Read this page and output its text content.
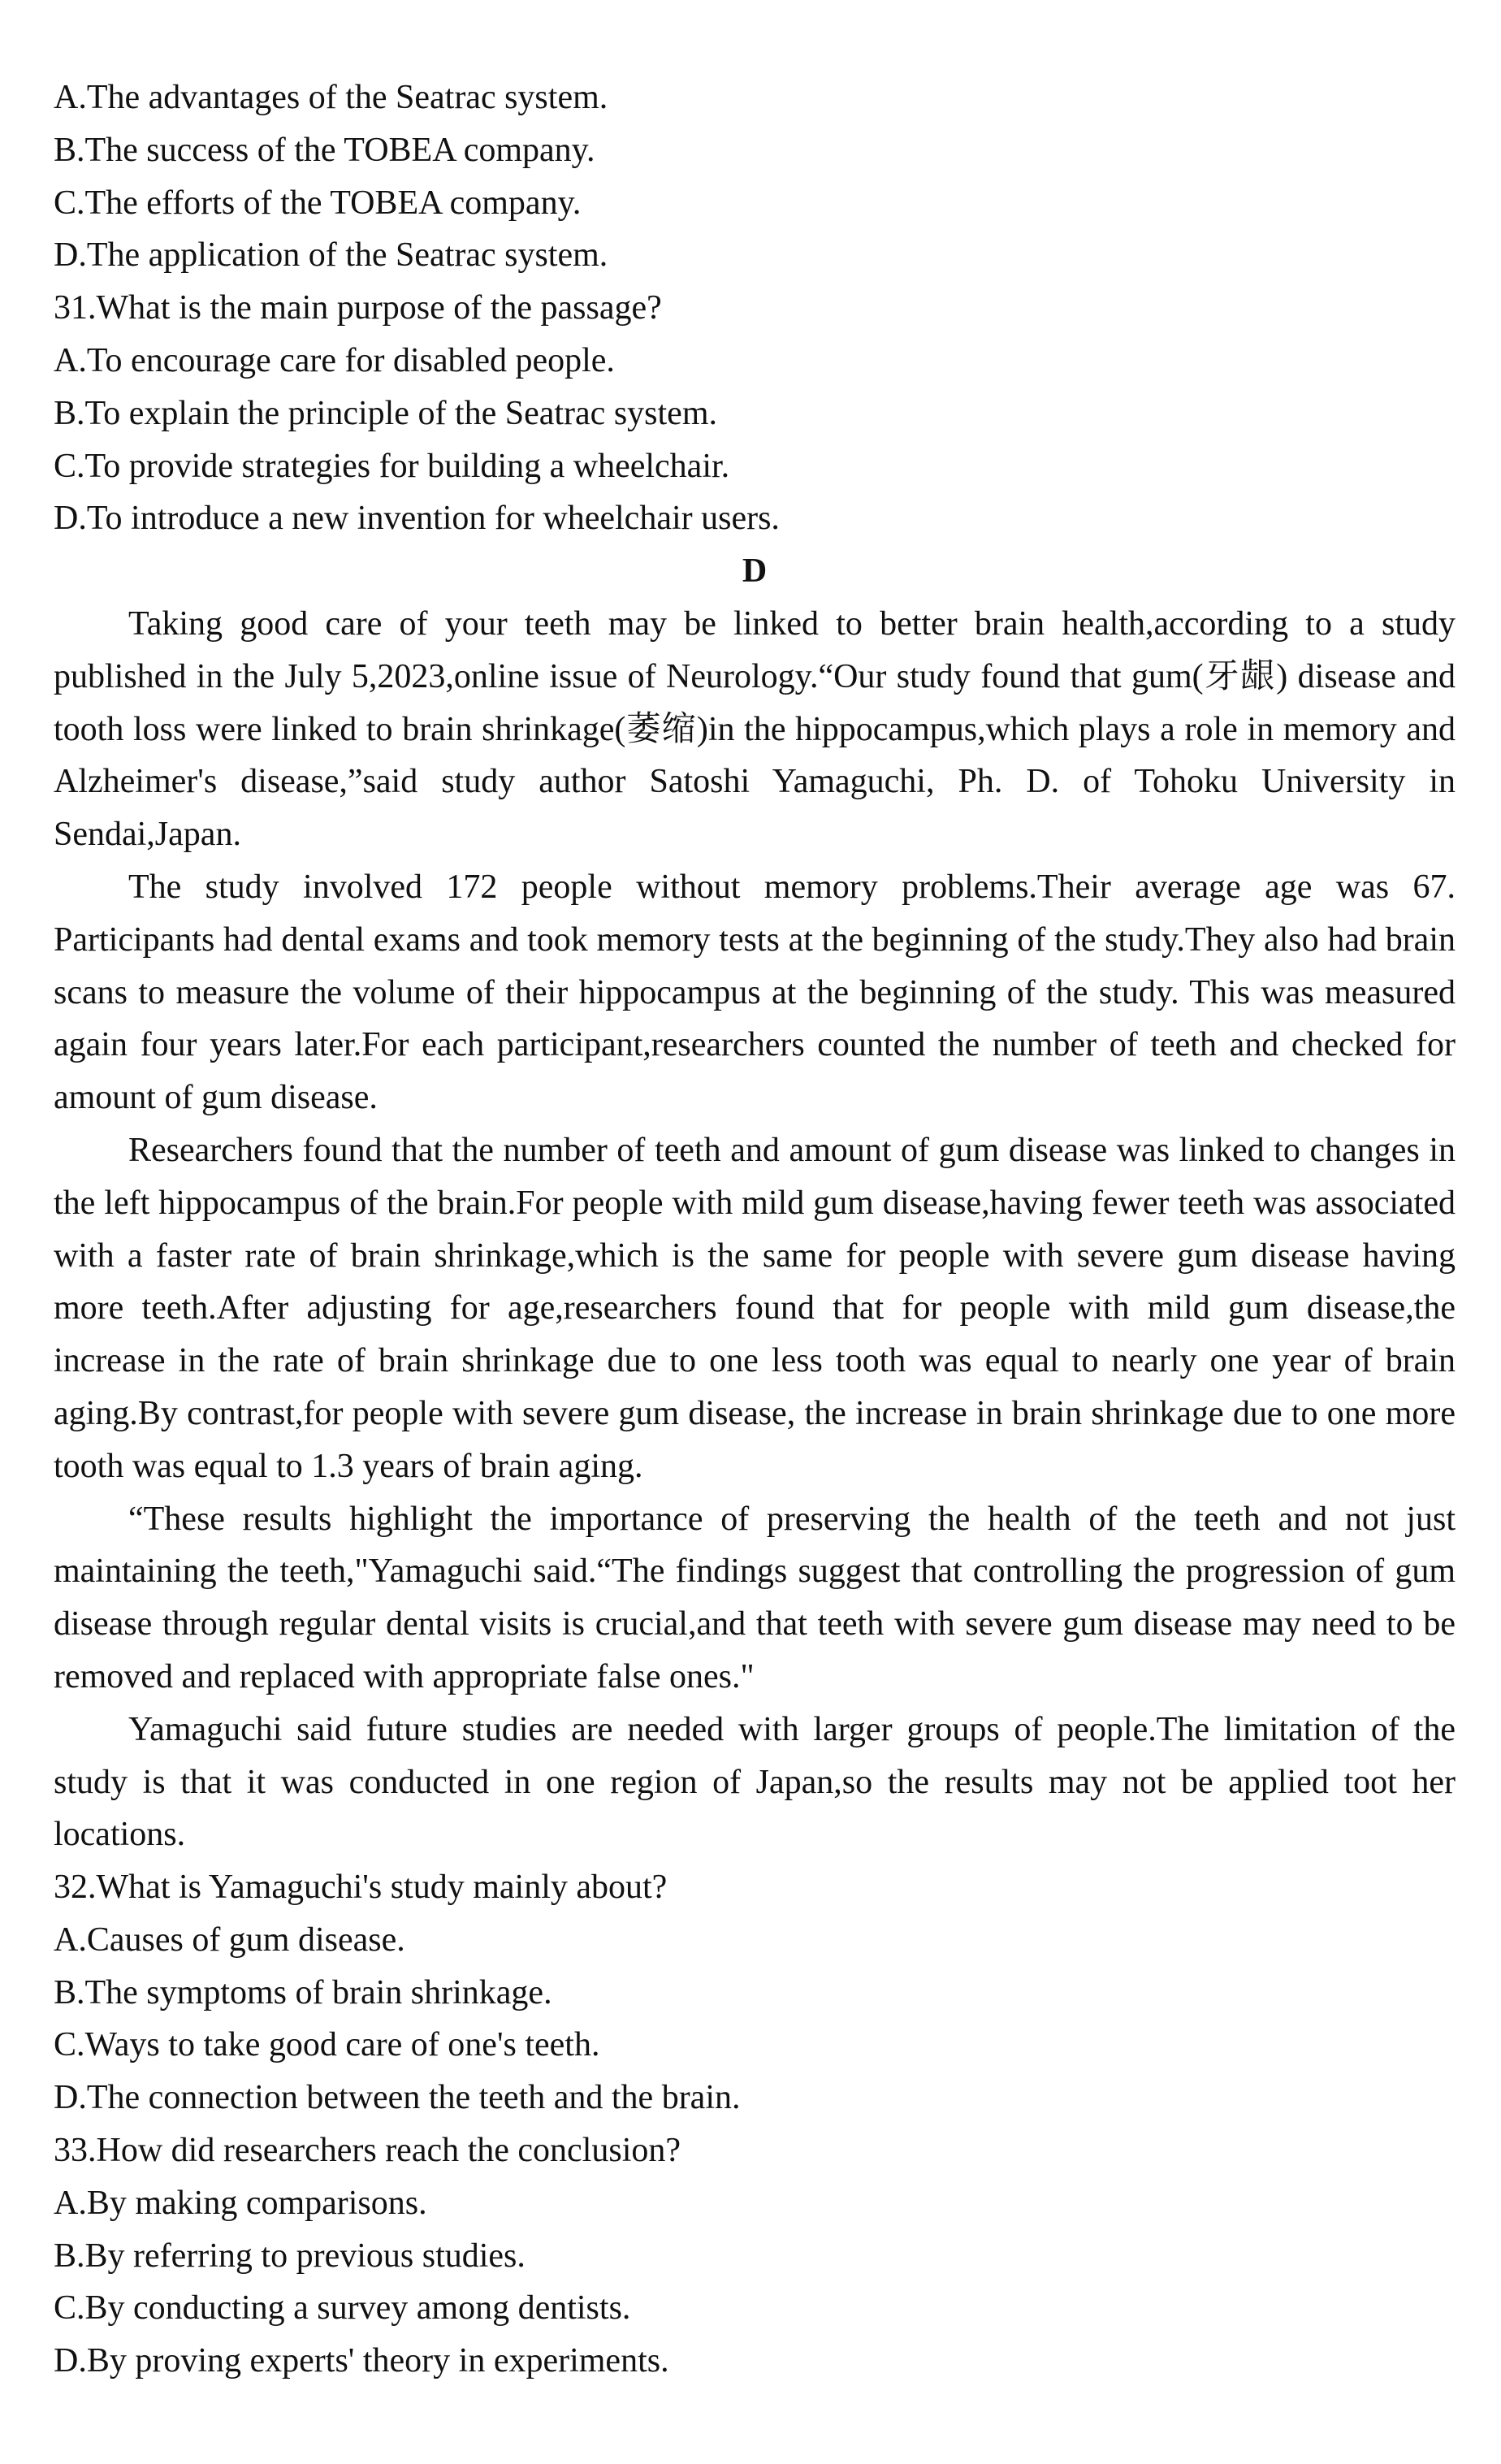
A.The advantages of the Seatrac system.

B.The success of the TOBEA company.

C.The efforts of the TOBEA company.

D.The application of the Seatrac system.

31.What is the main purpose of the passage?

A.To encourage care for disabled people.

B.To explain the principle of the Seatrac system.

C.To provide strategies for building a wheelchair.

D.To introduce a new invention for wheelchair users.

D

Taking good care of your teeth may be linked to better brain health,according to a study published in the July 5,2023,online issue of Neurology.“Our study found that gum(牙龈) disease and tooth loss were linked to brain shrinkage(萎缩)in the hippocampus,which plays a role in memory and Alzheimer's disease,”said study author Satoshi Yamaguchi, Ph. D. of Tohoku University in Sendai,Japan.

The study involved 172 people without memory problems.Their average age was 67. Participants had dental exams and took memory tests at the beginning of the study.They also had brain scans to measure the volume of their hippocampus at the beginning of the study. This was measured again four years later.For each participant,researchers counted the number of teeth and checked for amount of gum disease.

Researchers found that the number of teeth and amount of gum disease was linked to changes in the left hippocampus of the brain.For people with mild gum disease,having fewer teeth was associated with a faster rate of brain shrinkage,which is the same for people with severe gum disease having more teeth.After adjusting for age,researchers found that for people with mild gum disease,the increase in the rate of brain shrinkage due to one less tooth was equal to nearly one year of brain aging.By contrast,for people with severe gum disease, the increase in brain shrinkage due to one more tooth was equal to 1.3 years of brain aging.

“These results highlight the importance of preserving the health of the teeth and not just maintaining the teeth,"Yamaguchi said.“The findings suggest that controlling the progression of gum disease through regular dental visits is crucial,and that teeth with severe gum disease may need to be removed and replaced with appropriate false ones."

Yamaguchi said future studies are needed with larger groups of people.The limitation of the study is that it was conducted in one region of Japan,so the results may not be applied toot her locations.

32.What is Yamaguchi's study mainly about?

A.Causes of gum disease.

B.The symptoms of brain shrinkage.

C.Ways to take good care of one's teeth.

D.The connection between the teeth and the brain.

33.How did researchers reach the conclusion?

A.By making comparisons.

B.By referring to previous studies.

C.By conducting a survey among dentists.

D.By proving experts' theory in experiments.
